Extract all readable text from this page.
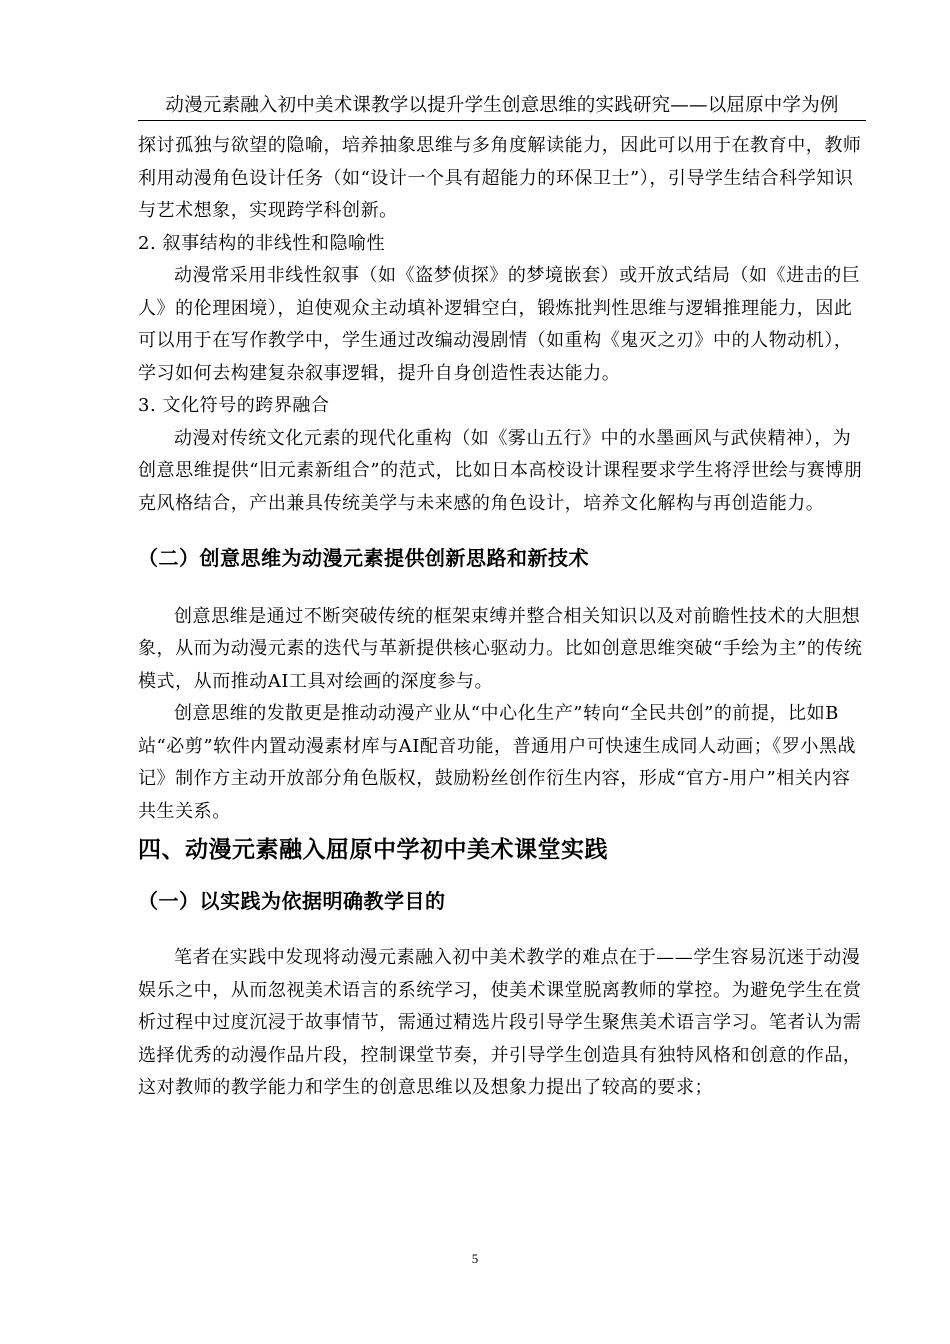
动漫元素融入初中美术课教学以提升学生创意思维的实践研究——以屈原中学为例

探讨孤独与欲望的隐喻，培养抽象思维与多角度解读能力，因此可以用于在教育中，教师利用动漫角色设计任务（如“设计一个具有超能力的环保卫士”），引导学生结合科学知识与艺术想象，实现跨学科创新。

2. 叙事结构的非线性和隐喻性

动漫常采用非线性叙事（如《盗梦侦探》的梦境嵌套）或开放式结局（如《进击的巨人》的伦理困境），迫使观众主动填补逻辑空白，锻炼批判性思维与逻辑推理能力，因此可以用于在写作教学中，学生通过改编动漫剧情（如重构《鬼灭之刃》中的人物动机），学习如何去构建复杂叙事逻辑，提升自身创造性表达能力。

3. 文化符号的跨界融合

动漫对传统文化元素的现代化重构（如《雾山五行》中的水墨画风与武侠精神），为创意思维提供“旧元素新组合”的范式，比如日本高校设计课程要求学生将浮世绘与赛博朋克风格结合，产出兼具传统美学与未来感的角色设计，培养文化解构与再创造能力。

（二）创意思维为动漫元素提供创新思路和新技术

创意思维是通过不断突破传统的框架束缚并整合相关知识以及对前瞻性技术的大胆想象，从而为动漫元素的迭代与革新提供核心驱动力。比如创意思维突破“手绘为主”的传统模式，从而推动AI工具对绘画的深度参与。

创意思维的发散更是推动动漫产业从“中心化生产”转向“全民共创”的前提，比如B站“必剪”软件内置动漫素材库与AI配音功能，普通用户可快速生成同人动画；《罗小黑战记》制作方主动开放部分角色版权，鼓励粉丝创作衍生内容，形成“官方-用户”相关内容共生关系。

四、动漫元素融入屈原中学初中美术课堂实践

（一）以实践为依据明确教学目的

笔者在实践中发现将动漫元素融入初中美术教学的难点在于——学生容易沉迷于动漫娱乐之中，从而忽视美术语言的系统学习，使美术课堂脱离教师的掌控。为避免学生在赏析过程中过度沉浸于故事情节，需通过精选片段引导学生聚焦美术语言学习。笔者认为需选择优秀的动漫作品片段，控制课堂节奏，并引导学生创造具有独特风格和创意的作品，这对教师的教学能力和学生的创意思维以及想象力提出了较高的要求；

5
